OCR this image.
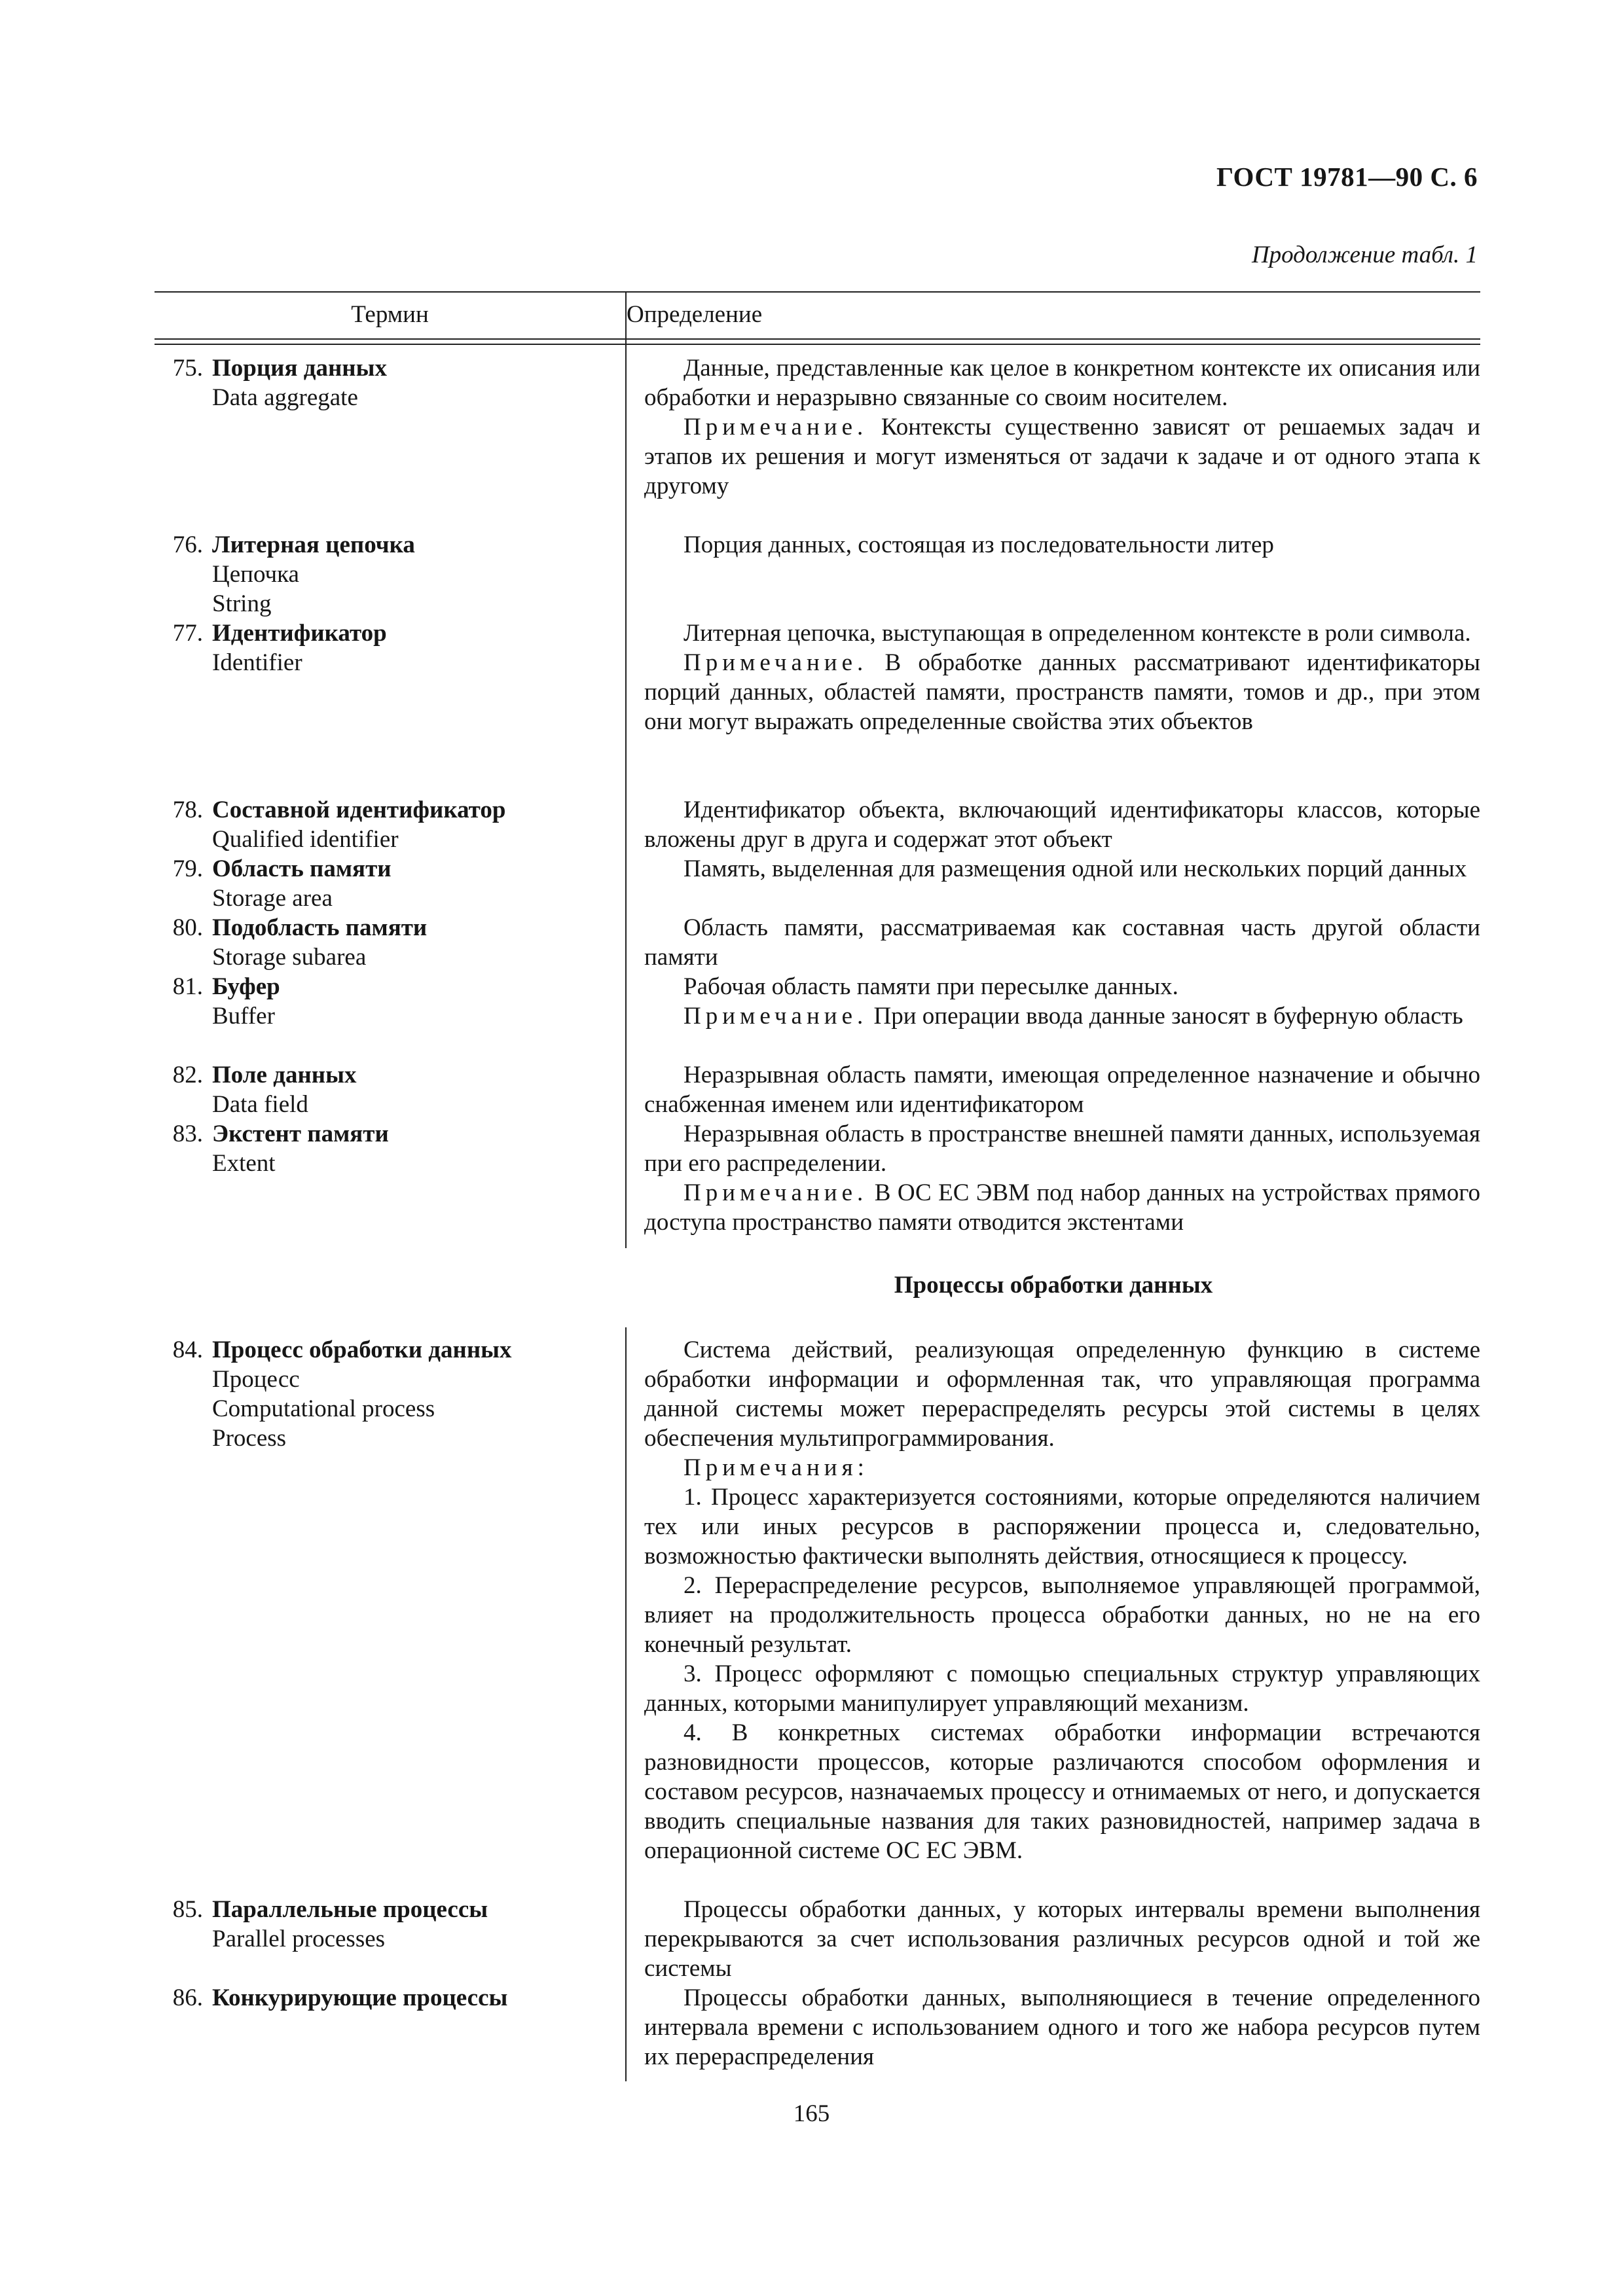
ГОСТ 19781—90 С. 6
Продолжение табл. 1
Термин	Определение
75. Порция данных
Data aggregate

Данные, представленные как целое в конкретном контексте их описания или обработки и неразрывно связанные со своим носителем.

Примечание. Контексты существенно зависят от решаемых задач и этапов их решения и могут изменяться от задачи к задаче и от одного этапа к другому

76. Литерная цепочка
Цепочка
String

Порция данных, состоящая из последовательности литер

77. Идентификатор
Identifier

Литерная цепочка, выступающая в определенном контексте в роли символа.

Примечание. В обработке данных рассматривают идентификаторы порций данных, областей памяти, пространств памяти, томов и др., при этом они могут выражать определенные свойства этих объектов

78. Составной идентификатор
Qualified identifier

Идентификатор объекта, включающий идентификаторы классов, которые вложены друг в друга и содержат этот объект

79. Область памяти
Storage area

Память, выделенная для размещения одной или нескольких порций данных

80. Подобласть памяти
Storage subarea

Область памяти, рассматриваемая как составная часть другой области памяти

81. Буфер
Buffer

Рабочая область памяти при пересылке данных.

Примечание. При операции ввода данные заносят в буферную область

82. Поле данных
Data field

Неразрывная область памяти, имеющая определенное назначение и обычно снабженная именем или идентификатором

83. Экстент памяти
Extent

Неразрывная область в пространстве внешней памяти данных, используемая при его распределении.

Примечание. В ОС ЕС ЭВМ под набор данных на устройствах прямого доступа пространство памяти отводится экстентами

Процессы обработки данных
84. Процесс обработки данных
Процесс
Computational process
Process

Система действий, реализующая определенную функцию в системе обработки информации и оформленная так, что управляющая программа данной системы может перераспределять ресурсы этой системы в целях обеспечения мультипрограммирования.

Примечания:

1. Процесс характеризуется состояниями, которые определяются наличием тех или иных ресурсов в распоряжении процесса и, следовательно, возможностью фактически выполнять действия, относящиеся к процессу.

2. Перераспределение ресурсов, выполняемое управляющей программой, влияет на продолжительность процесса обработки данных, но не на его конечный результат.

3. Процесс оформляют с помощью специальных структур управляющих данных, которыми манипулирует управляющий механизм.

4. В конкретных системах обработки информации встречаются разновидности процессов, которые различаются способом оформления и составом ресурсов, назначаемых процессу и отнимаемых от него, и допускается вводить специальные названия для таких разновидностей, например задача в операционной системе ОС ЕС ЭВМ.

85. Параллельные процессы
Parallel processes

Процессы обработки данных, у которых интервалы времени выполнения перекрываются за счет использования различных ресурсов одной и той же системы

86. Конкурирующие процессы	Процессы обработки данных, выполняющиеся в течение определенного интервала времени с использованием одного и того же набора ресурсов путем их перераспределения

165
